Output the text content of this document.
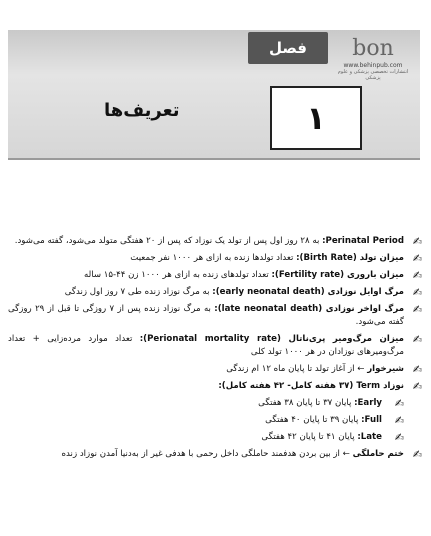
bon
www.behinpub.com
انتشارات تخصصی پزشکی و علوم پزشکی
فصل
۱
تعریف‌ها
✍
Perinatal Period: به ۲۸ روز اول پس از تولد یک نوزاد که پس از ۲۰ هفتگی متولد می‌شود، گفته می‌شود.
✍
میزان تولد (Birth Rate): تعداد تولدها زنده به ازای هر ۱۰۰۰ نفر جمعیت
✍
میزان باروری (Fertility rate): تعداد تولدهای زنده به ازای هر ۱۰۰۰ زن ۴۴-۱۵ ساله
✍
مرگ اوایل نوزادی (early neonatal death): به مرگ نوزاد زنده طی ۷ روز اول زندگی
✍
مرگ اواخر نوزادی (late neonatal death): به مرگ نوزاد زنده پس از ۷ روزگی تا قبل از ۲۹ روزگی گفته می‌شود.
✍
میزان مرگ‌ومیر پری‌ناتال (Perionatal mortality rate): تعداد موارد مرده‌زایی + تعداد مرگ‌ومیرهای نوزادان در هر ۱۰۰۰ تولد کلی
✍
شیرخوار ← از آغاز تولد تا پایان ماه ۱۲ ام زندگی
✍
نوزاد Term (۳۷ هفته کامل- ۴۲ هفته کامل):
✍
Early: پایان ۳۷ تا پایان ۳۸ هفتگی
✍
Full: پایان ۳۹ تا پایان ۴۰ هفتگی
✍
Late: پایان ۴۱ تا پایان ۴۲ هفتگی
✍
ختم حاملگی ← از بین بردن هدفمند حاملگی داخل رحمی با هدفی غیر از به‌دنیا آمدن نوزاد زنده
